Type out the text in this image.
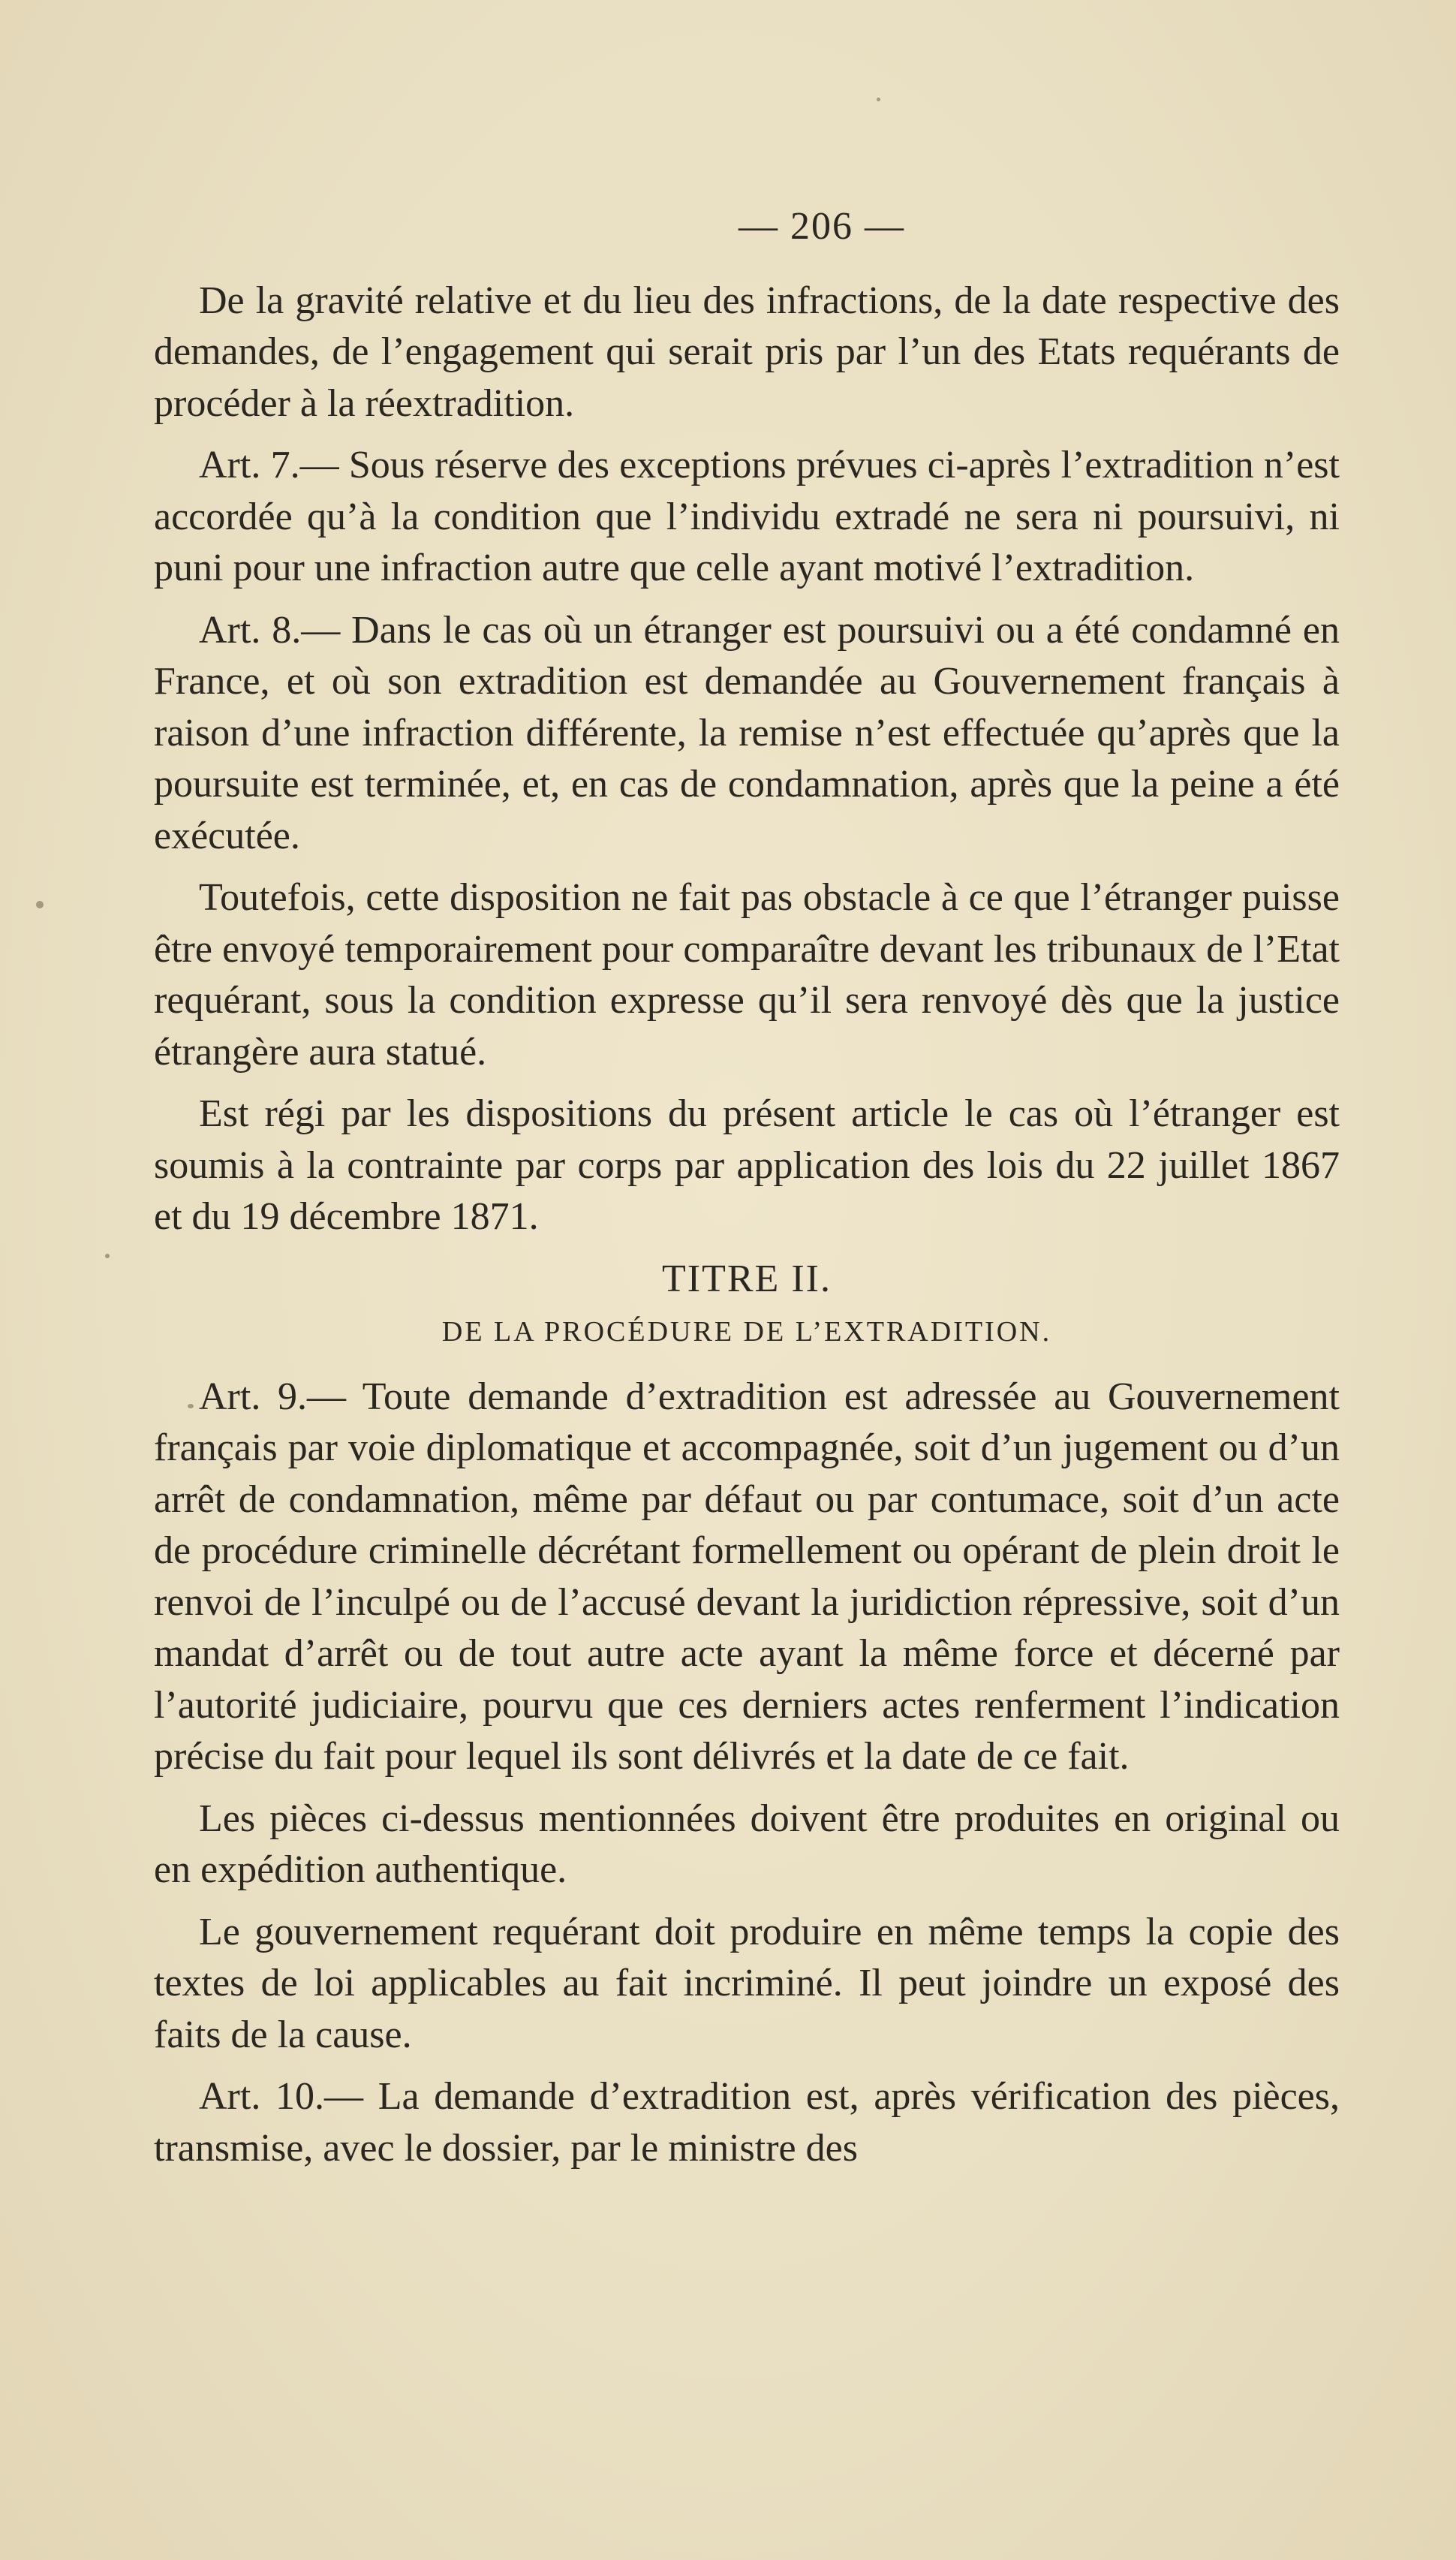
— 206 —

De la gravité relative et du lieu des infractions, de la date respective des demandes, de l’engagement qui serait pris par l’un des Etats requérants de procéder à la réextradition.

Art. 7.— Sous réserve des exceptions prévues ci-après l’extradition n’est accordée qu’à la condition que l’individu extradé ne sera ni poursuivi, ni puni pour une infraction autre que celle ayant motivé l’extradition.

Art. 8.— Dans le cas où un étranger est poursuivi ou a été condamné en France, et où son extradition est demandée au Gouvernement français à raison d’une infraction différente, la remise n’est effectuée qu’après que la poursuite est terminée, et, en cas de condamnation, après que la peine a été exécutée.

Toutefois, cette disposition ne fait pas obstacle à ce que l’étranger puisse être envoyé temporairement pour comparaître devant les tribunaux de l’Etat requérant, sous la condition expresse qu’il sera renvoyé dès que la justice étrangère aura statué.

Est régi par les dispositions du présent article le cas où l’étranger est soumis à la contrainte par corps par application des lois du 22 juillet 1867 et du 19 décembre 1871.

TITRE II.
DE LA PROCÉDURE DE L’EXTRADITION.

Art. 9.— Toute demande d’extradition est adressée au Gouvernement français par voie diplomatique et accompagnée, soit d’un jugement ou d’un arrêt de condamnation, même par défaut ou par contumace, soit d’un acte de procédure criminelle décrétant formellement ou opérant de plein droit le renvoi de l’inculpé ou de l’accusé devant la juridiction répressive, soit d’un mandat d’arrêt ou de tout autre acte ayant la même force et décerné par l’autorité judiciaire, pourvu que ces derniers actes renferment l’indication précise du fait pour lequel ils sont délivrés et la date de ce fait.

Les pièces ci-dessus mentionnées doivent être produites en original ou en expédition authentique.

Le gouvernement requérant doit produire en même temps la copie des textes de loi applicables au fait incriminé. Il peut joindre un exposé des faits de la cause.

Art. 10.— La demande d’extradition est, après vérification des pièces, transmise, avec le dossier, par le ministre des
